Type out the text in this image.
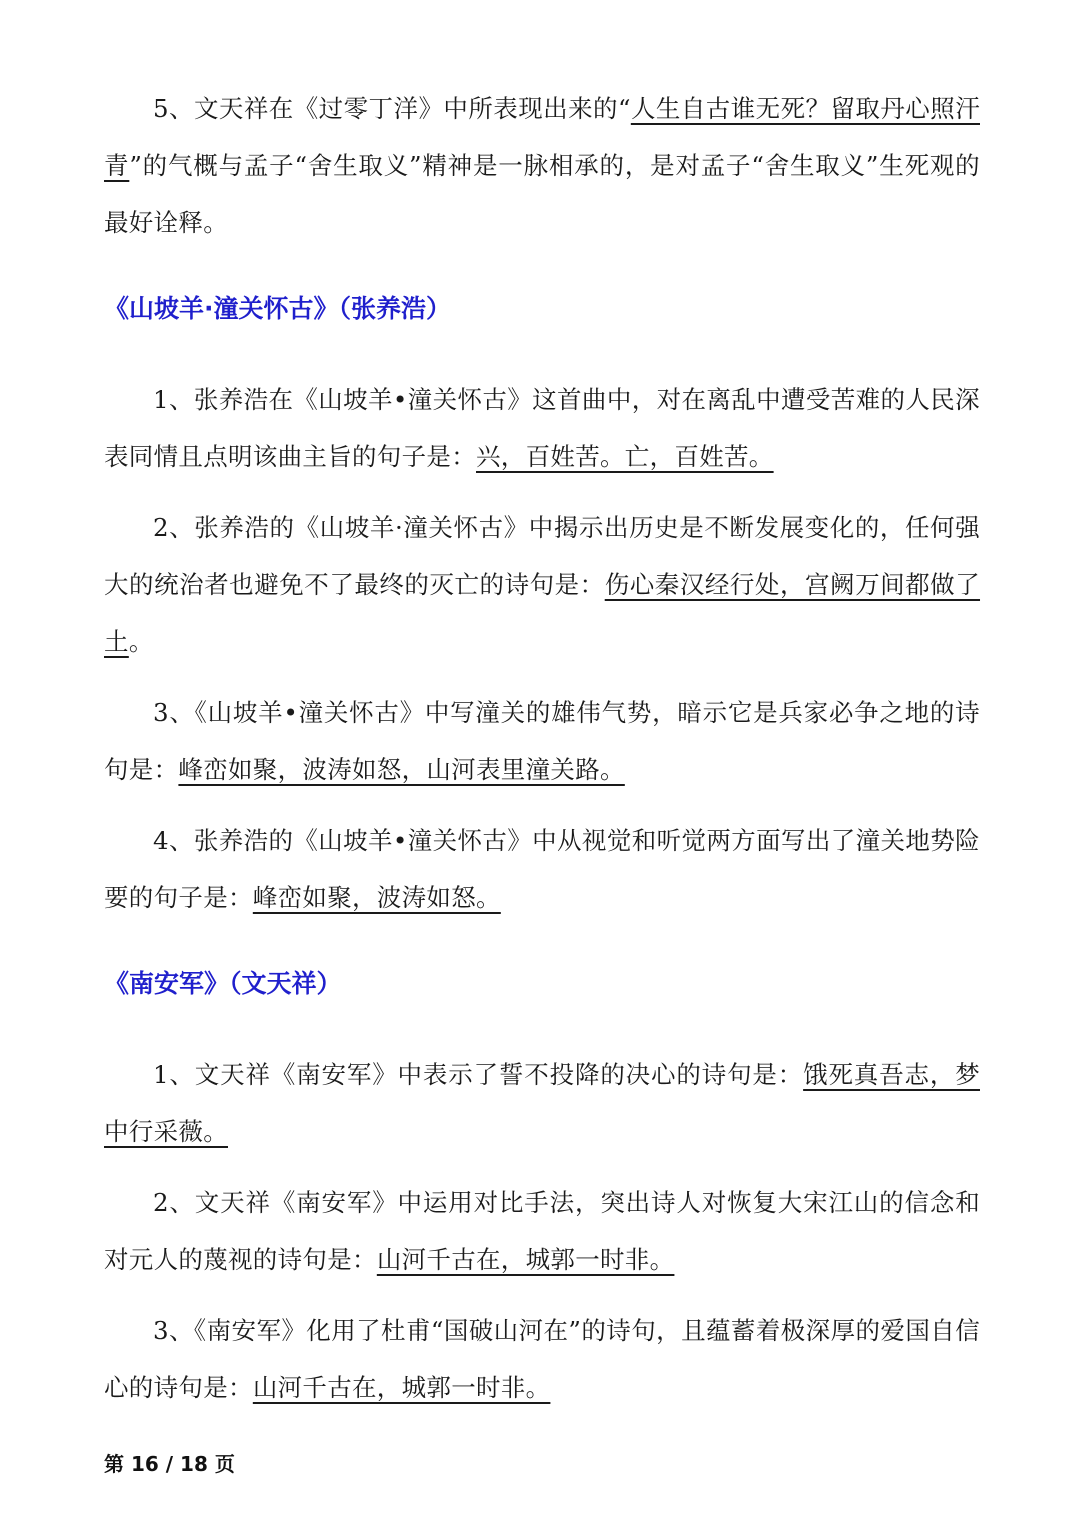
5、文天祥在《过零丁洋》中所表现出来的“人生自古谁无死？留取丹心照汗青”的气概与孟子“舍生取义”精神是一脉相承的，是对孟子“舍生取义”生死观的最好诠释。

《山坡羊·潼关怀古》（张养浩）

1、张养浩在《山坡羊•潼关怀古》这首曲中，对在离乱中遭受苦难的人民深表同情且点明该曲主旨的句子是：兴，百姓苦。亡，百姓苦。

2、张养浩的《山坡羊·潼关怀古》中揭示出历史是不断发展变化的，任何强大的统治者也避免不了最终的灭亡的诗句是：伤心秦汉经行处，宫阙万间都做了土。

3、《山坡羊•潼关怀古》中写潼关的雄伟气势，暗示它是兵家必争之地的诗句是：峰峦如聚，波涛如怒，山河表里潼关路。

4、张养浩的《山坡羊•潼关怀古》中从视觉和听觉两方面写出了潼关地势险要的句子是：峰峦如聚，波涛如怒。

《南安军》（文天祥）

1、文天祥《南安军》中表示了誓不投降的决心的诗句是：饿死真吾志，梦中行采薇。

2、文天祥《南安军》中运用对比手法，突出诗人对恢复大宋江山的信念和对元人的蔑视的诗句是：山河千古在，城郭一时非。

3、《南安军》化用了杜甫“国破山河在”的诗句，且蕴蓄着极深厚的爱国自信心的诗句是：山河千古在，城郭一时非。

第 16 / 18 页
